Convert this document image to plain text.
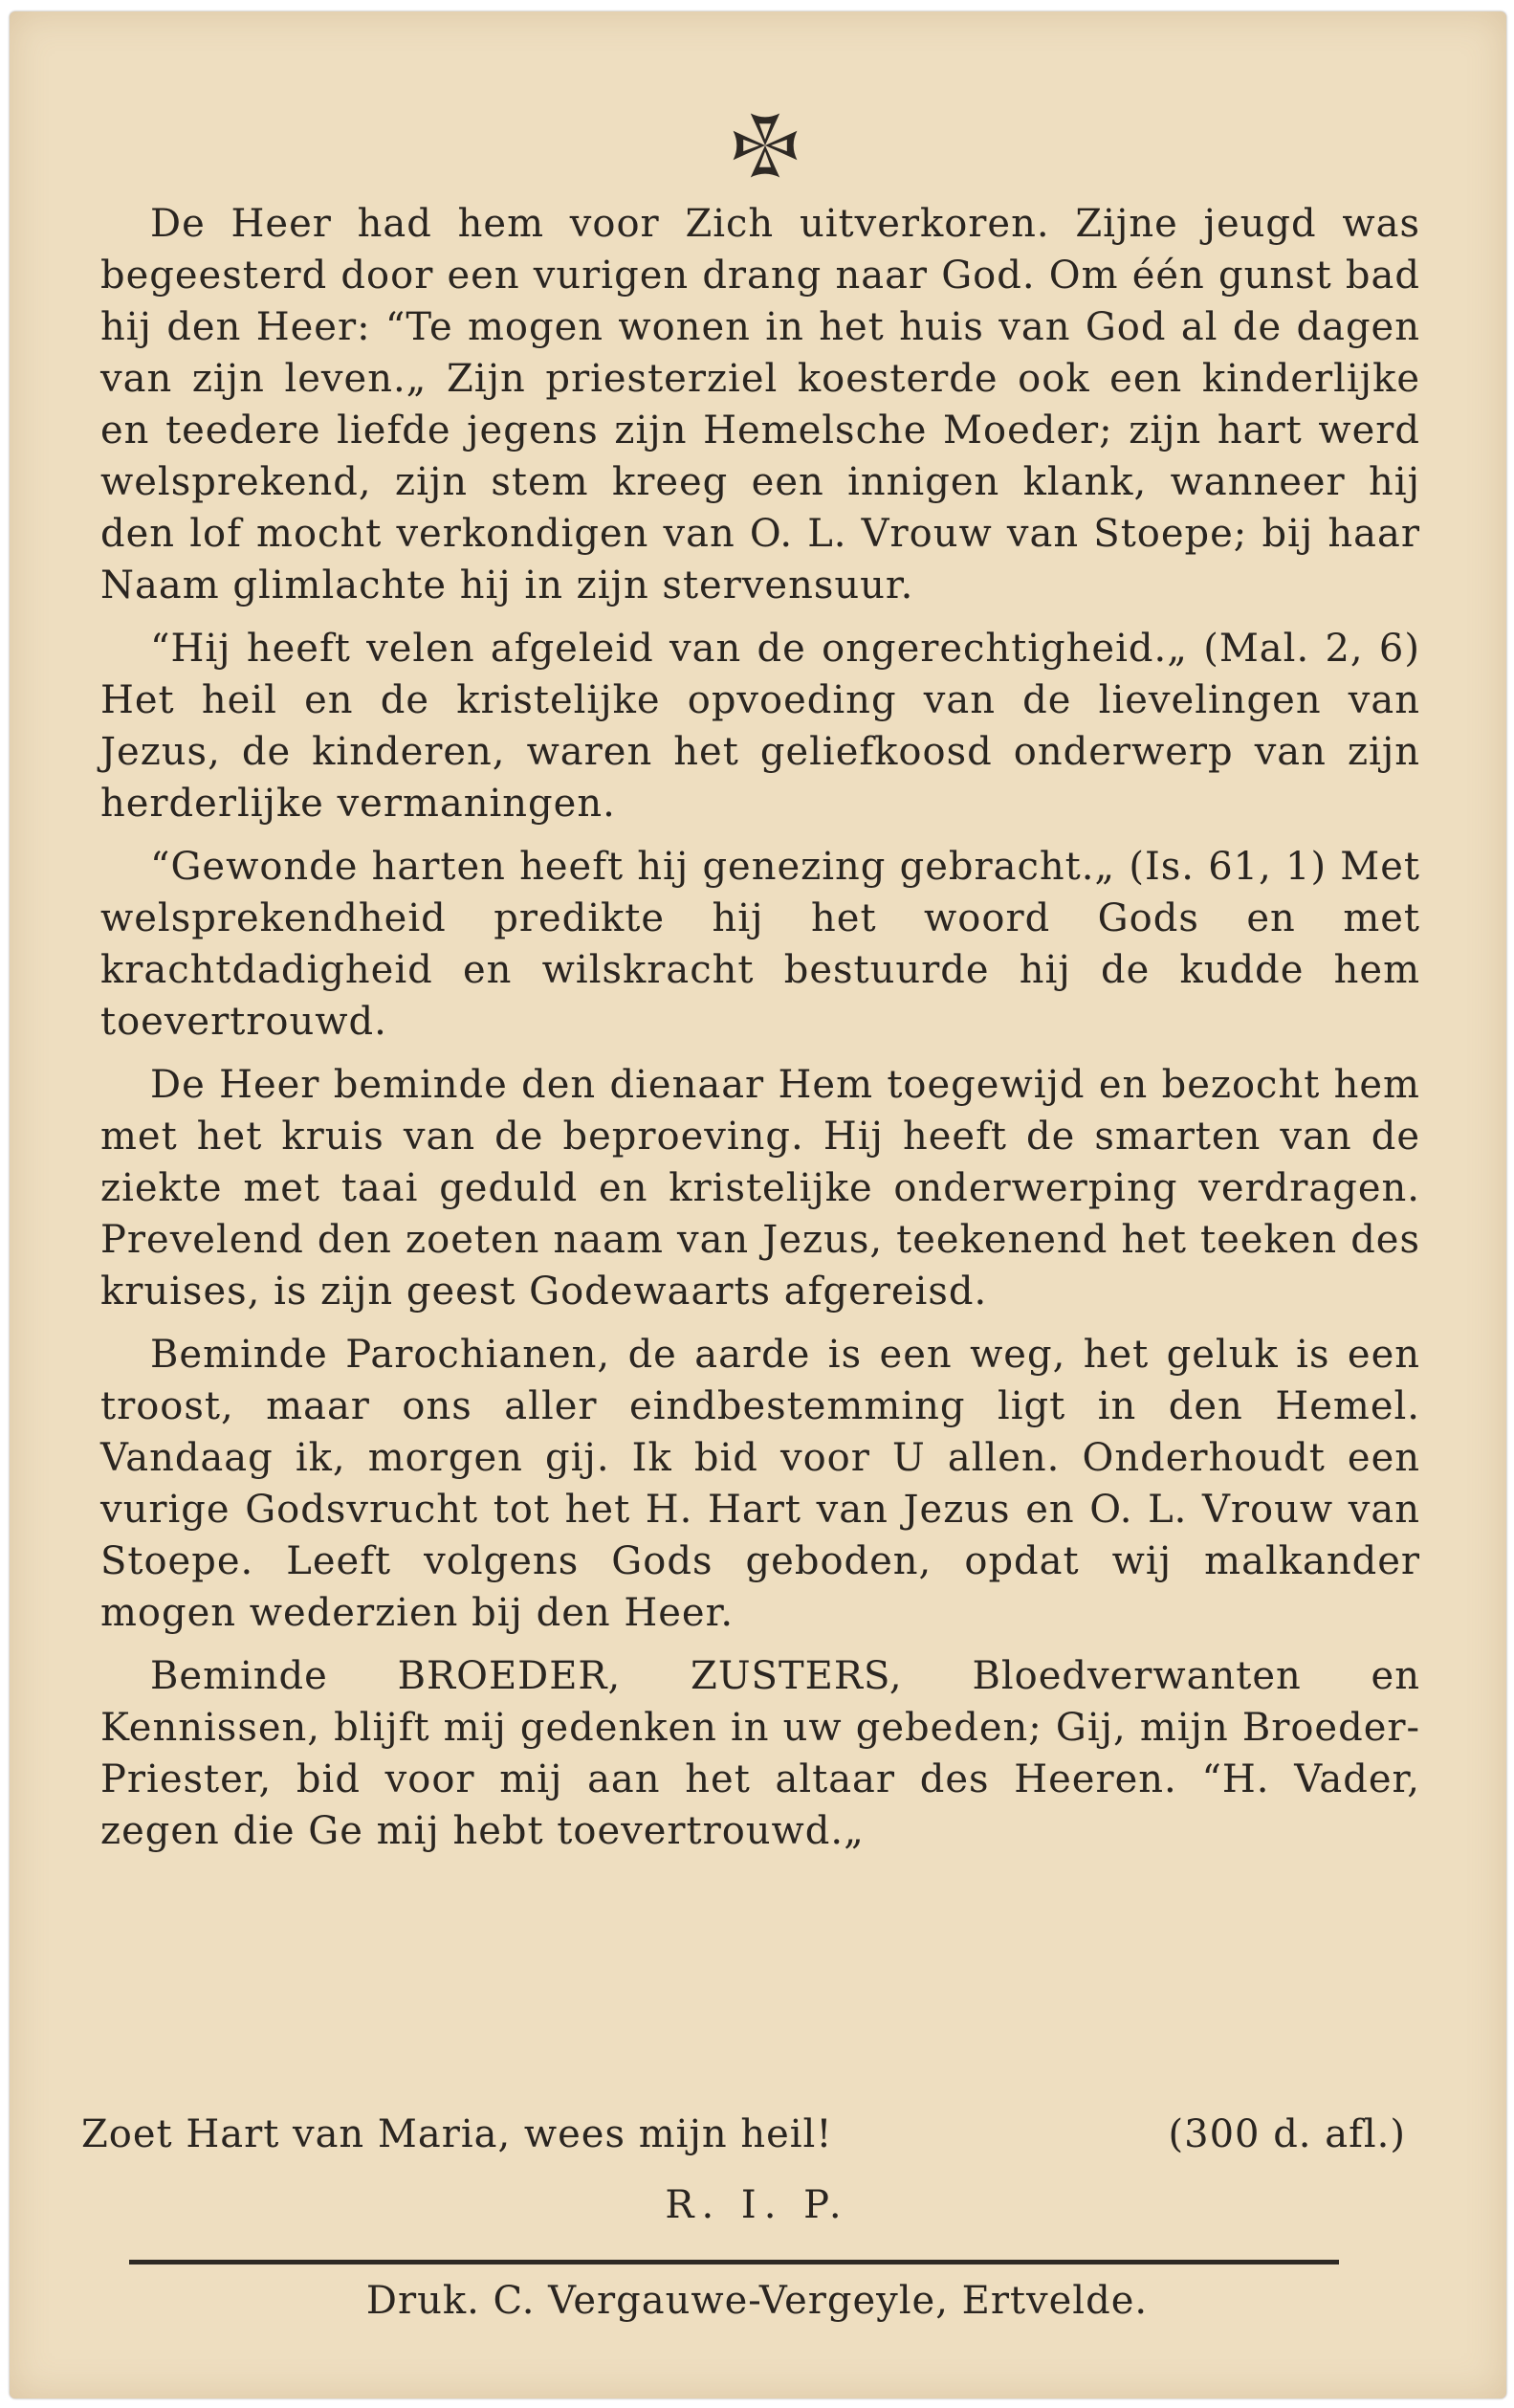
De Heer had hem voor Zich uitverkoren. Zijne jeugd was begeesterd door een vurigen drang naar God. Om één gunst bad hij den Heer: “Te mogen wonen in het huis van God al de dagen van zijn leven.„ Zijn priesterziel koesterde ook een kinderlijke en teedere liefde jegens zijn Hemelsche Moeder; zijn hart werd welsprekend, zijn stem kreeg een innigen klank, wanneer hij den lof mocht verkondigen van O. L. Vrouw van Stoepe; bij haar Naam glimlachte hij in zijn stervensuur.

“Hij heeft velen afgeleid van de ongerechtigheid.„ (Mal. 2, 6) Het heil en de kristelijke opvoeding van de lievelingen van Jezus, de kinderen, waren het geliefkoosd onderwerp van zijn herderlijke vermaningen.

“Gewonde harten heeft hij genezing gebracht.„ (Is. 61, 1) Met welsprekendheid predikte hij het woord Gods en met krachtdadigheid en wilskracht bestuurde hij de kudde hem toevertrouwd.

De Heer beminde den dienaar Hem toegewijd en bezocht hem met het kruis van de beproeving. Hij heeft de smarten van de ziekte met taai geduld en kristelijke onderwerping verdragen. Prevelend den zoeten naam van Jezus, teekenend het teeken des kruises, is zijn geest Godewaarts afgereisd.

Beminde Parochianen, de aarde is een weg, het geluk is een troost, maar ons aller eindbestemming ligt in den Hemel. Vandaag ik, morgen gij. Ik bid voor U allen. Onderhoudt een vurige Godsvrucht tot het H. Hart van Jezus en O. L. Vrouw van Stoepe. Leeft volgens Gods geboden, opdat wij malkander mogen wederzien bij den Heer.

Beminde BROEDER, ZUSTERS, Bloedverwanten en Kennissen, blijft mij gedenken in uw gebeden; Gij, mijn Broeder-Priester, bid voor mij aan het altaar des Heeren. “H. Vader, zegen die Ge mij hebt toevertrouwd.„

Zoet Hart van Maria, wees mijn heil!	(300 d. afl.)
R. I. P.
Druk. C. Vergauwe-Vergeyle, Ertvelde.
